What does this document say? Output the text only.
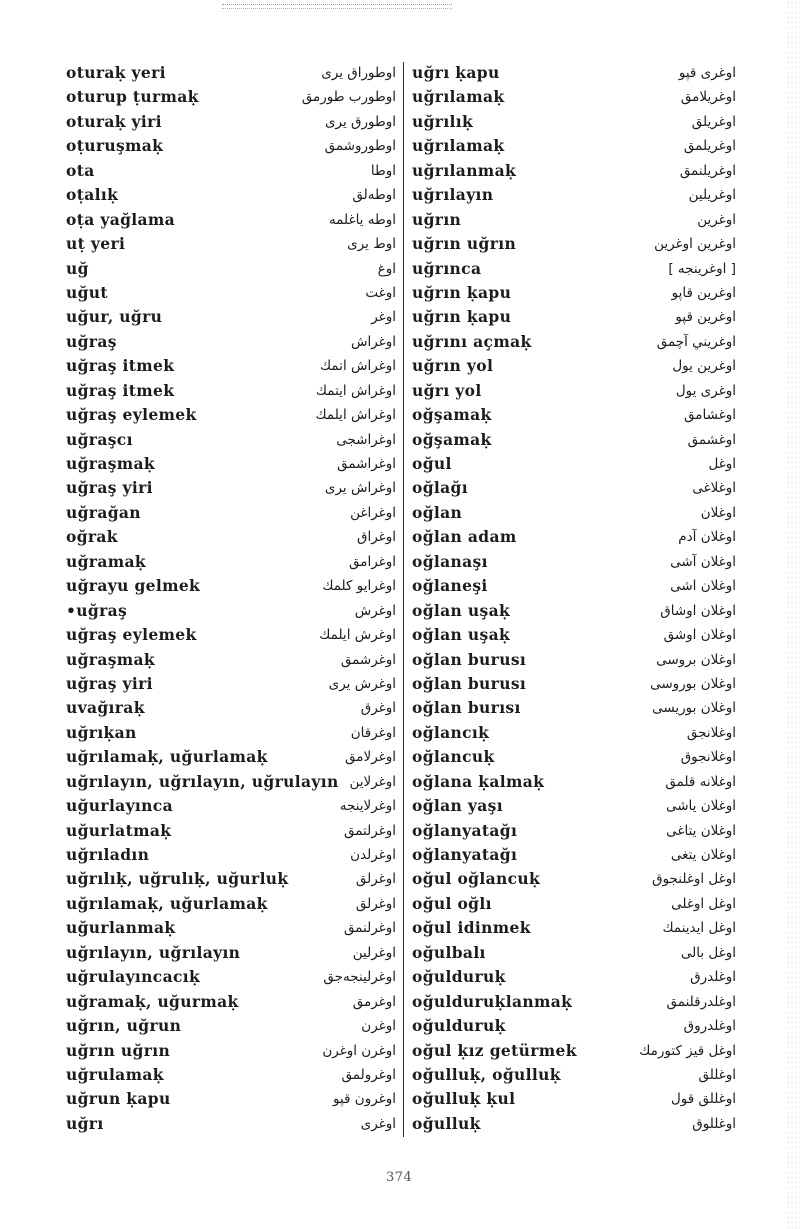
oturaḳ yeri	اوطوراق يرى
oturup ṭurmaḳ	اوطورب طورمق
oturaḳ yiri	اوطورق يرى
oṭuruşmaḳ	اوطوروشمق
ota	اوطا
oṭalıḳ	اوطەلق
oṭa yağlama	اوطه ياغلمه
uṭ yeri	اوط يرى
uğ	اوغ
uğut	اوغت
uğur, uğru	اوغر
uğraş	اوغراش
uğraş itmek	اوغراش اتمك
uğraş itmek	اوغراش ايتمك
uğraş eylemek	اوغراش ايلمك
uğraşcı	اوغراشجى
uğraşmaḳ	اوغراشمق
uğraş yiri	اوغراش يرى
uğrağan	اوغراغن
oğrak	اوغراق
uğramaḳ	اوغرامق
uğrayu gelmek	اوغرايو كلمك
•uğraş	اوغرش
uğraş eylemek	اوغرش ايلمك
uğraşmaḳ	اوغرشمق
uğraş yiri	اوغرش يرى
uvağıraḳ	اوغرق
uğrıḳan	اوغرقان
uğrılamaḳ, uğurlamaḳ	اوغرلامق
uğrılayın, uğrılayın, uğrulayın اوغرلاين
uğurlayınca	اوغرلاينجه
uğurlatmaḳ	اوغرلتمق
uğrıladın	اوغرلدن
uğrılıḳ, uğrulıḳ, uğurluḳ	اوغرلق
uğrılamaḳ, uğurlamaḳ	اوغرلق
uğurlanmaḳ	اوغرلنمق
uğrılayın, uğrılayın	اوغرلين
uğrulayıncacıḳ	اوغرلينجەجق
uğramaḳ, uğurmaḳ	اوغرمق
uğrın, uğrun	اوغرن
uğrın uğrın	اوغرن اوغرن
uğrulamaḳ	اوغرولمق
uğrun ḳapu	اوغرون قپو
uğrı	اوغرى
uğrı ḳapu	اوغرى قپو
uğrılamaḳ	اوغريلامق
uğrılıḳ	اوغريلق
uğrılamaḳ	اوغريلمق
uğrılanmaḳ	اوغريلنمق
uğrılayın	اوغريلين
uğrın	اوغرين
uğrın uğrın	اوغرين اوغرين
uğrınca	[ اوغرينجه ]
uğrın ḳapu	اوغرين قاپو
uğrın ḳapu	اوغرين قپو
uğrını açmaḳ	اوغريني آچمق
uğrın yol	اوغرين يول
uğrı yol	اوغرى يول
oğşamaḳ	اوغشامق
oğşamaḳ	اوغشمق
oğul	اوغل
oğlağı	اوغلاغى
oğlan	اوغلان
oğlan adam	اوغلان آدم
oğlanaşı	اوغلان آشى
oğlaneşi	اوغلان اشى
oğlan uşaḳ	اوغلان اوشاق
oğlan uşaḳ	اوغلان اوشق
oğlan burusı	اوغلان بروسى
oğlan burusı	اوغلان بوروسى
oğlan burısı	اوغلان بوريسى
oğlancıḳ	اوغلانجق
oğlancuḳ	اوغلانجوق
oğlana ḳalmaḳ	اوغلانه قلمق
oğlan yaşı	اوغلان ياشى
oğlanyatağı	اوغلان يتاغى
oğlanyatağı	اوغلان يتغى
oğul oğlancuḳ	اوغل اوغلنجوق
oğul oğlı	اوغل اوغلى
oğul idinmek	اوغل ايدينمك
oğulbalı	اوغل بالى
oğulduruḳ	اوغلدرق
oğulduruḳlanmaḳ	اوغلدرقلنمق
oğulduruḳ	اوغلدروق
oğul ḳız getürmek	اوغل قيز كتورمك
oğulluḳ, oğulluḳ	اوغللق
oğulluḳ ḳul	اوغللق قول
oğulluḳ	اوغللوق
374
